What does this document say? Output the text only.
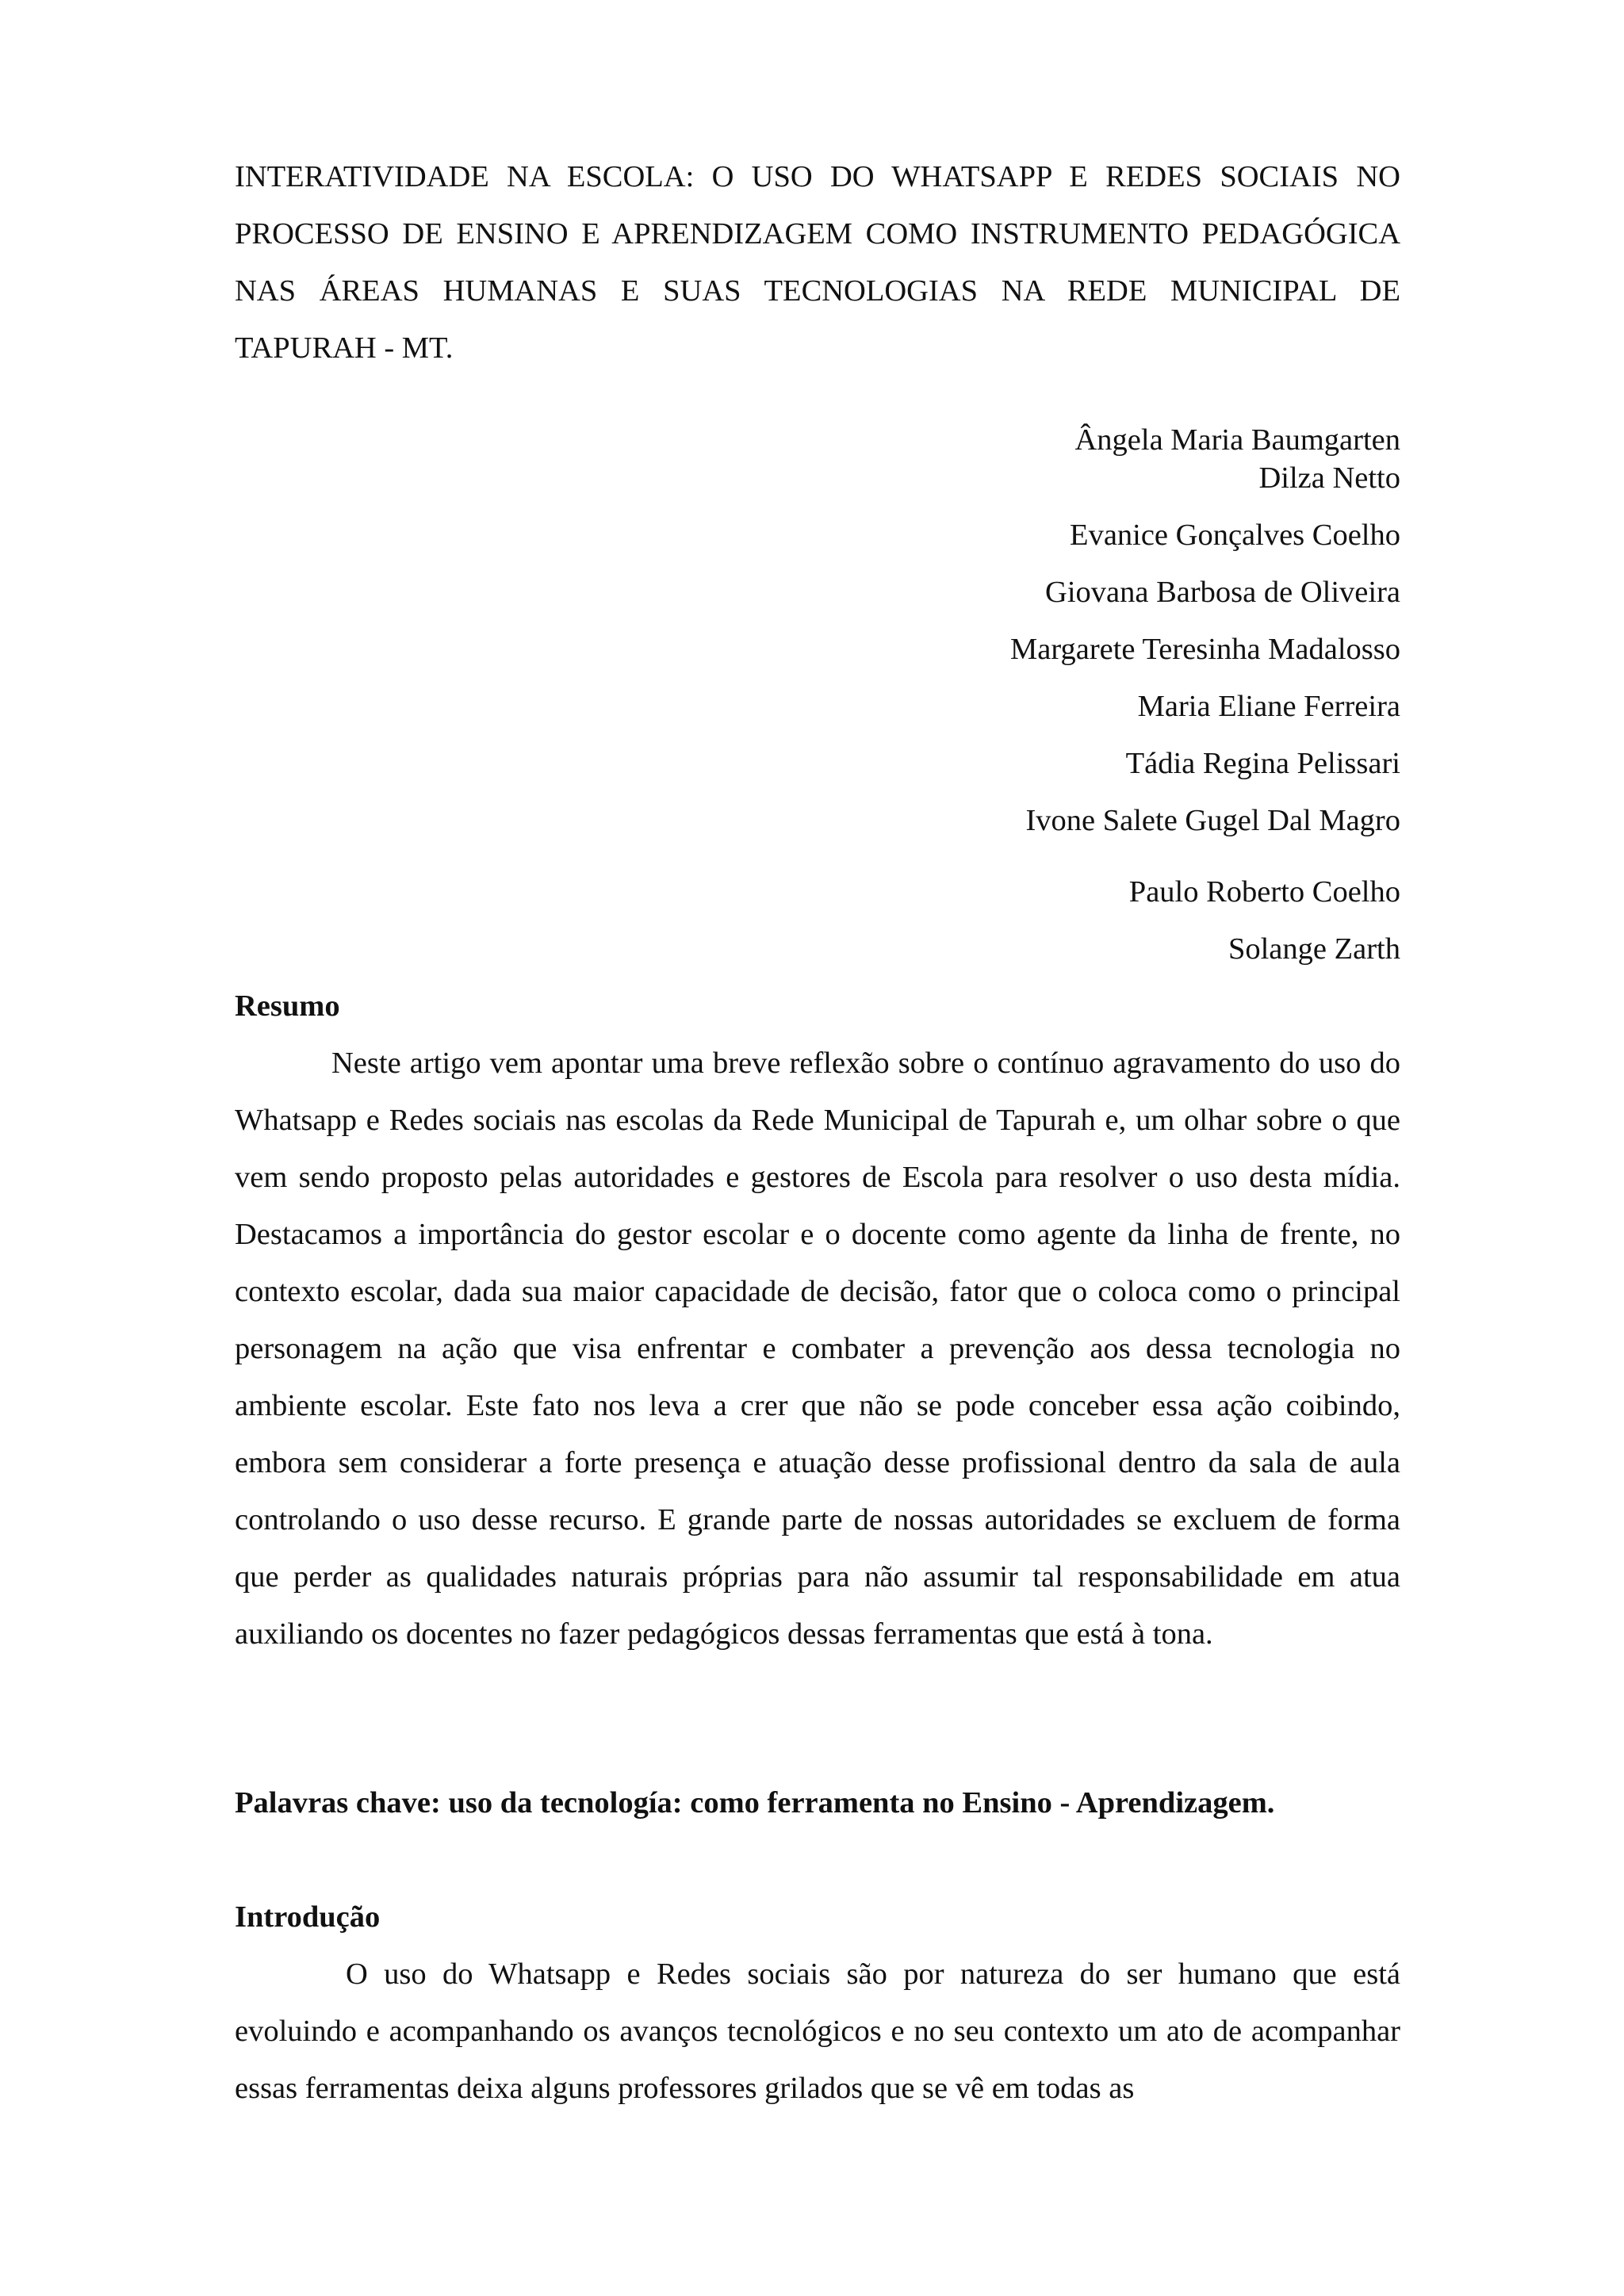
INTERATIVIDADE NA ESCOLA: O USO DO WHATSAPP E REDES SOCIAIS NO PROCESSO DE ENSINO E APRENDIZAGEM COMO INSTRUMENTO PEDAGÓGICA NAS ÁREAS HUMANAS E SUAS TECNOLOGIAS NA REDE MUNICIPAL DE TAPURAH - MT.
Ângela Maria Baumgarten
Dilza Netto
Evanice Gonçalves Coelho
Giovana Barbosa de Oliveira
Margarete Teresinha Madalosso
Maria Eliane Ferreira
Tádia Regina Pelissari
Ivone Salete Gugel Dal Magro
Paulo Roberto Coelho
Solange Zarth
Resumo

Neste artigo vem apontar uma breve reflexão sobre o contínuo agravamento do uso do Whatsapp e Redes sociais nas escolas da Rede Municipal de Tapurah e, um olhar sobre o que vem sendo proposto pelas autoridades e gestores de Escola para resolver o uso desta mídia. Destacamos a importância do gestor escolar e o docente como agente da linha de frente, no contexto escolar, dada sua maior capacidade de decisão, fator que o coloca como o principal personagem na ação que visa enfrentar e combater a prevenção aos dessa tecnologia no ambiente escolar. Este fato nos leva a crer que não se pode conceber essa ação coibindo, embora sem considerar a forte presença e atuação desse profissional dentro da sala de aula controlando o uso desse recurso. E grande parte de nossas autoridades se excluem de forma que perder as qualidades naturais próprias para não assumir tal responsabilidade em atua auxiliando os docentes no fazer pedagógicos dessas ferramentas que está à tona.

Palavras chave: uso da tecnología: como ferramenta no Ensino - Aprendizagem.

Introdução

O uso do Whatsapp e Redes sociais são por natureza do ser humano que está evoluindo e acompanhando os avanços tecnológicos e no seu contexto um ato de acompanhar essas ferramentas deixa alguns professores grilados que se vê em todas as
